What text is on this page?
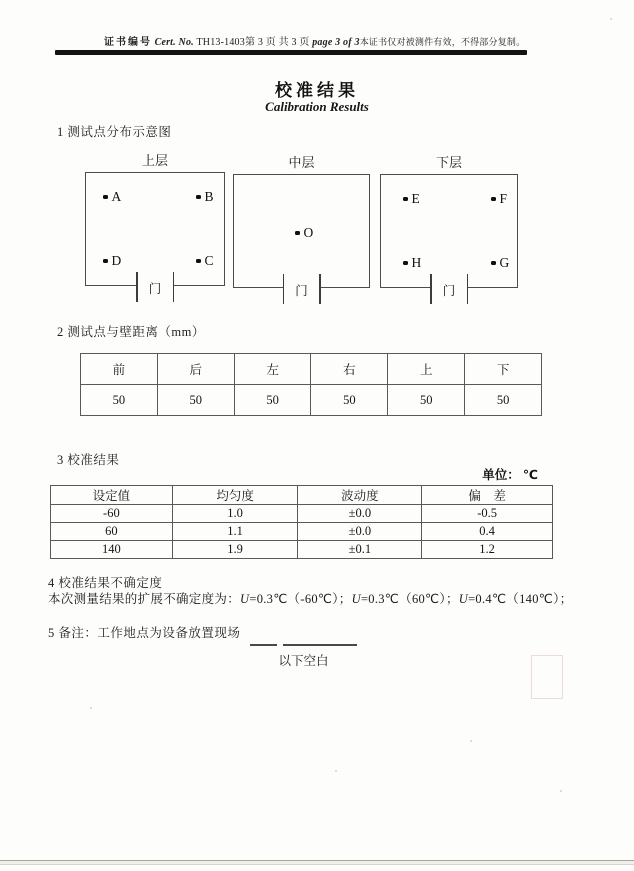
证书编号 Cert. No. TH13-1403第 3 页 共 3 页 page 3 of 3本证书仅对被测件有效，不得部分复制。
校准结果
Calibration Results
1 测试点分布示意图
上层
A	B
D	C
门
中层
O
门
下层
E	F
H	G
门
2 测试点与壁距离（mm）
前	后	左	右	上	下
50	50	50	50	50	50
3 校准结果
单位： ℃
设定值	均匀度	波动度	偏　差
-60	1.0	±0.0	-0.5
60	1.1	±0.0	0.4
140	1.9	±0.1	1.2
4 校准结果不确定度
本次测量结果的扩展不确定度为：U=0.3℃（-60℃）；U=0.3℃（60℃）；U=0.4℃（140℃）；
5 备注：工作地点为设备放置现场
以下空白
